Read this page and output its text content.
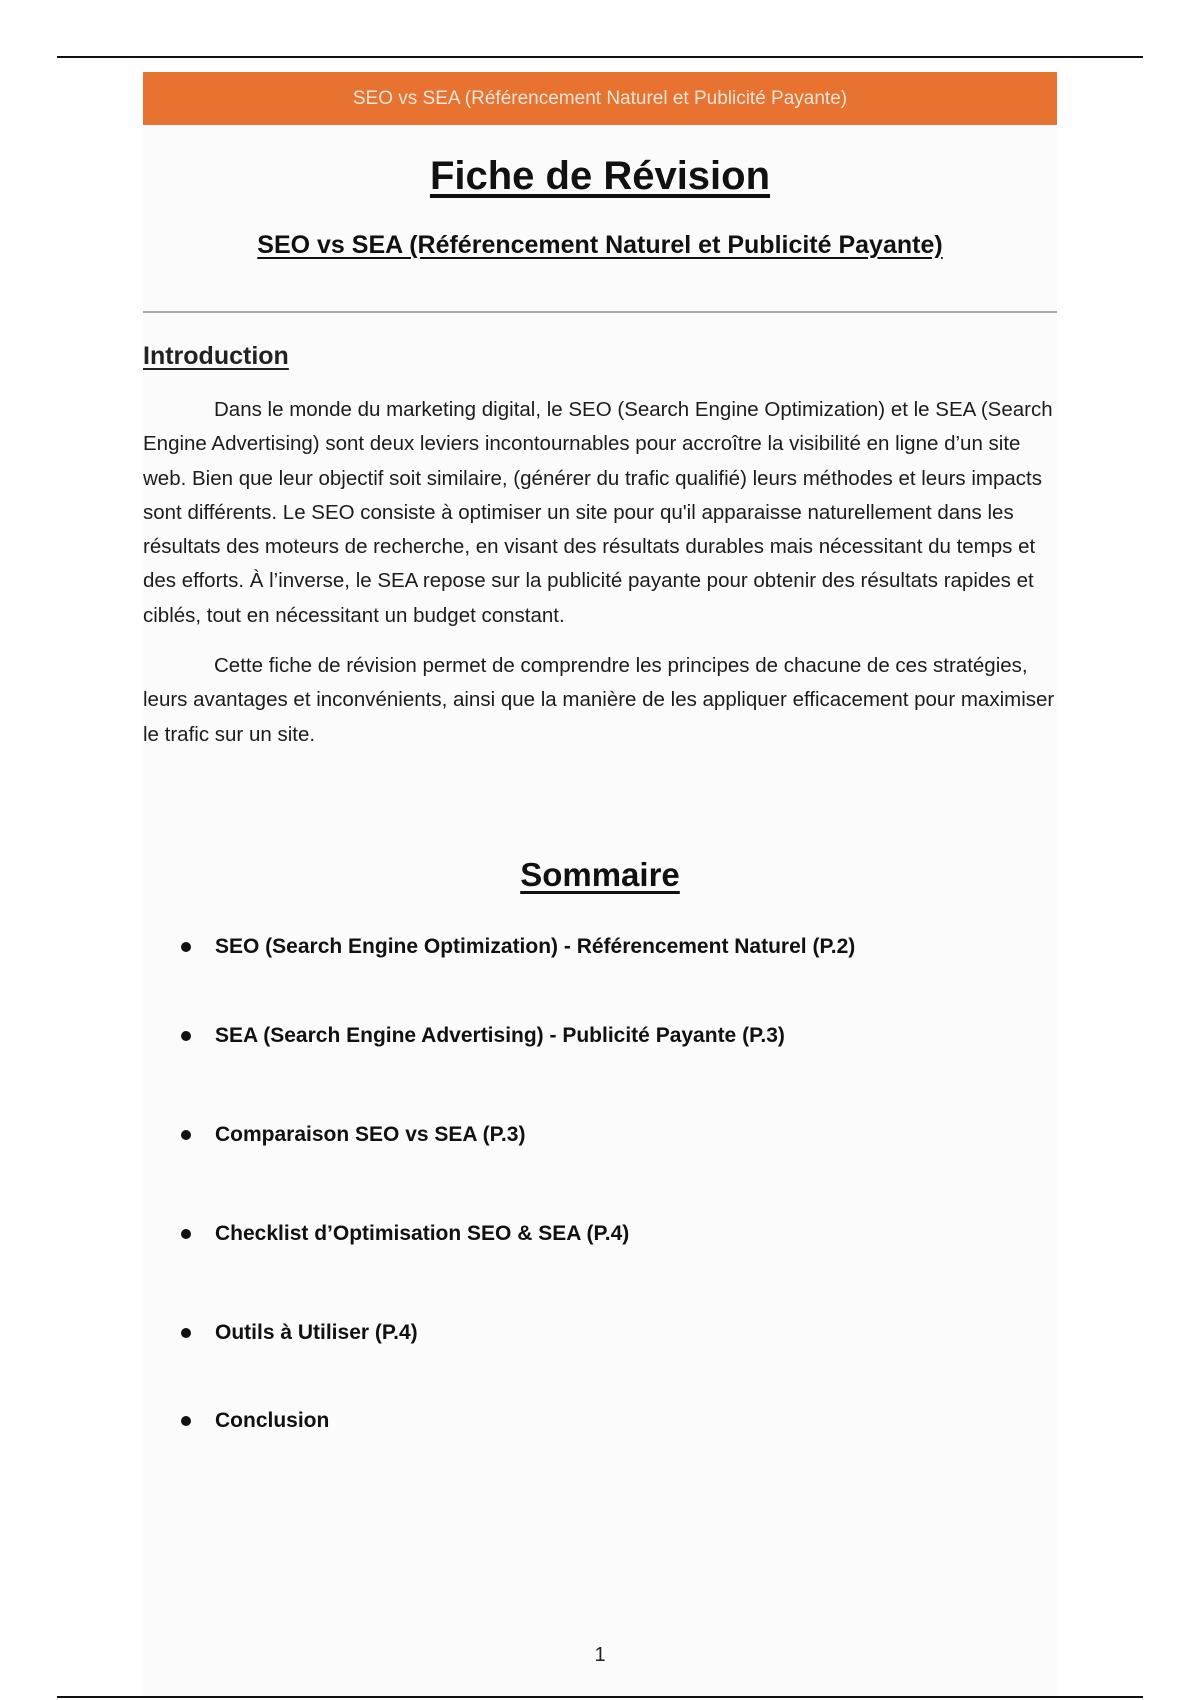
SEO vs SEA (Référencement Naturel et Publicité Payante)
Fiche de Révision
SEO vs SEA (Référencement Naturel et Publicité Payante)
Introduction

Dans le monde du marketing digital, le SEO (Search Engine Optimization) et le SEA (Search Engine Advertising) sont deux leviers incontournables pour accroître la visibilité en ligne d’un site web. Bien que leur objectif soit similaire, (générer du trafic qualifié) leurs méthodes et leurs impacts sont différents. Le SEO consiste à optimiser un site pour qu'il apparaisse naturellement dans les résultats des moteurs de recherche, en visant des résultats durables mais nécessitant du temps et des efforts. À l’inverse, le SEA repose sur la publicité payante pour obtenir des résultats rapides et ciblés, tout en nécessitant un budget constant.

Cette fiche de révision permet de comprendre les principes de chacune de ces stratégies, leurs avantages et inconvénients, ainsi que la manière de les appliquer efficacement pour maximiser le trafic sur un site.

Sommaire
SEO (Search Engine Optimization) - Référencement Naturel (P.2)
SEA (Search Engine Advertising) - Publicité Payante (P.3)
Comparaison SEO vs SEA (P.3)
Checklist d’Optimisation SEO & SEA (P.4)
Outils à Utiliser (P.4)
Conclusion
1
